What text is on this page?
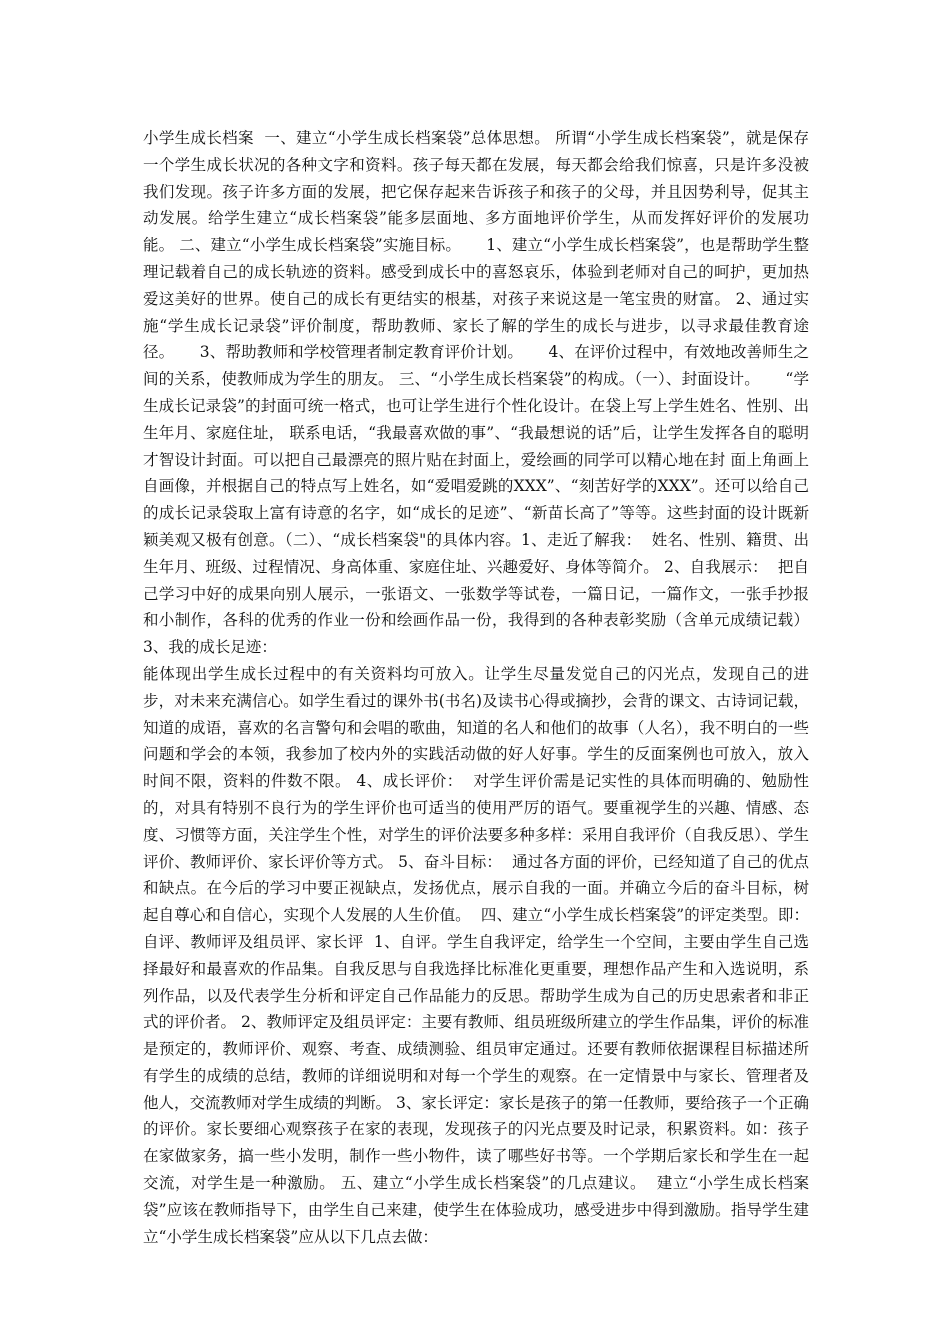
小学生成长档案  一、建立“小学生成长档案袋”总体思想。 所谓“小学生成长档案袋”，就是保存一个学生成长状况的各种文字和资料。孩子每天都在发展，每天都会给我们惊喜，只是许多没被我们发现。孩子许多方面的发展，把它保存起来告诉孩子和孩子的父母，并且因势利导，促其主动发展。给学生建立“成长档案袋”能多层面地、多方面地评价学生，从而发挥好评价的发展功能。 二、建立“小学生成长档案袋”实施目标。     1、建立“小学生成长档案袋”，也是帮助学生整理记载着自己的成长轨迹的资料。感受到成长中的喜怒哀乐，体验到老师对自己的呵护，更加热爱这美好的世界。使自己的成长有更结实的根基，对孩子来说这是一笔宝贵的财富。 2、通过实施“学生成长记录袋”评价制度，帮助教师、家长了解的学生的成长与进步，以寻求最佳教育途径。     3、帮助教师和学校管理者制定教育评价计划。     4、在评价过程中，有效地改善师生之间的关系，使教师成为学生的朋友。 三、“小学生成长档案袋”的构成。（一）、封面设计。     “学生成长记录袋”的封面可统一格式，也可让学生进行个性化设计。在袋上写上学生姓名、性别、出生年月、家庭住址， 联系电话，“我最喜欢做的事”、“我最想说的话”后，让学生发挥各自的聪明才智设计封面。可以把自己最漂亮的照片贴在封面上，爱绘画的同学可以精心地在封 面上角画上自画像，并根据自己的特点写上姓名，如“爱唱爱跳的XXX”、“刻苦好学的XXX”。还可以给自己的成长记录袋取上富有诗意的名字，如“成长的足迹”、“新苗长高了”等等。这些封面的设计既新颖美观又极有创意。（二）、“成长档案袋"的具体内容。1、走近了解我：  姓名、性别、籍贯、出生年月、班级、过程情况、身高体重、家庭住址、兴趣爱好、身体等简介。 2、自我展示：  把自己学习中好的成果向别人展示，一张语文、一张数学等试卷，一篇日记，一篇作文，一张手抄报和小制作，各科的优秀的作业一份和绘画作品一份，我得到的各种表彰奖励（含单元成绩记载）  3、我的成长足迹：

能体现出学生成长过程中的有关资料均可放入。让学生尽量发觉自己的闪光点，发现自己的进步，对未来充满信心。如学生看过的课外书(书名)及读书心得或摘抄，会背的课文、古诗词记载，知道的成语，喜欢的名言警句和会唱的歌曲，知道的名人和他们的故事（人名），我不明白的一些问题和学会的本领，我参加了校内外的实践活动做的好人好事。学生的反面案例也可放入，放入时间不限，资料的件数不限。 4、成长评价：  对学生评价需是记实性的具体而明确的、勉励性的，对具有特别不良行为的学生评价也可适当的使用严厉的语气。要重视学生的兴趣、情感、态度、习惯等方面，关注学生个性，对学生的评价法要多种多样：采用自我评价（自我反思）、学生评价、教师评价、家长评价等方式。 5、奋斗目标：  通过各方面的评价，已经知道了自己的优点和缺点。在今后的学习中要正视缺点，发扬优点，展示自我的一面。并确立今后的奋斗目标，树起自尊心和自信心，实现个人发展的人生价值。  四、建立“小学生成长档案袋”的评定类型。即：自评、教师评及组员评、家长评  1、自评。学生自我评定，给学生一个空间，主要由学生自己选择最好和最喜欢的作品集。自我反思与自我选择比标准化更重要，理想作品产生和入选说明，系列作品，以及代表学生分析和评定自己作品能力的反思。帮助学生成为自己的历史思索者和非正式的评价者。 2、教师评定及组员评定：主要有教师、组员班级所建立的学生作品集，评价的标准是预定的，教师评价、观察、考查、成绩测验、组员审定通过。还要有教师依据课程目标描述所有学生的成绩的总结，教师的详细说明和对每一个学生的观察。在一定情景中与家长、管理者及他人，交流教师对学生成绩的判断。 3、家长评定：家长是孩子的第一任教师，要给孩子一个正确的评价。家长要细心观察孩子在家的表现，发现孩子的闪光点要及时记录，积累资料。如：孩子在家做家务，搞一些小发明，制作一些小物件，读了哪些好书等。一个学期后家长和学生在一起交流，对学生是一种激励。 五、建立“小学生成长档案袋”的几点建议。  建立“小学生成长档案袋”应该在教师指导下，由学生自己来建，使学生在体验成功，感受进步中得到激励。指导学生建立“小学生成长档案袋”应从以下几点去做：
